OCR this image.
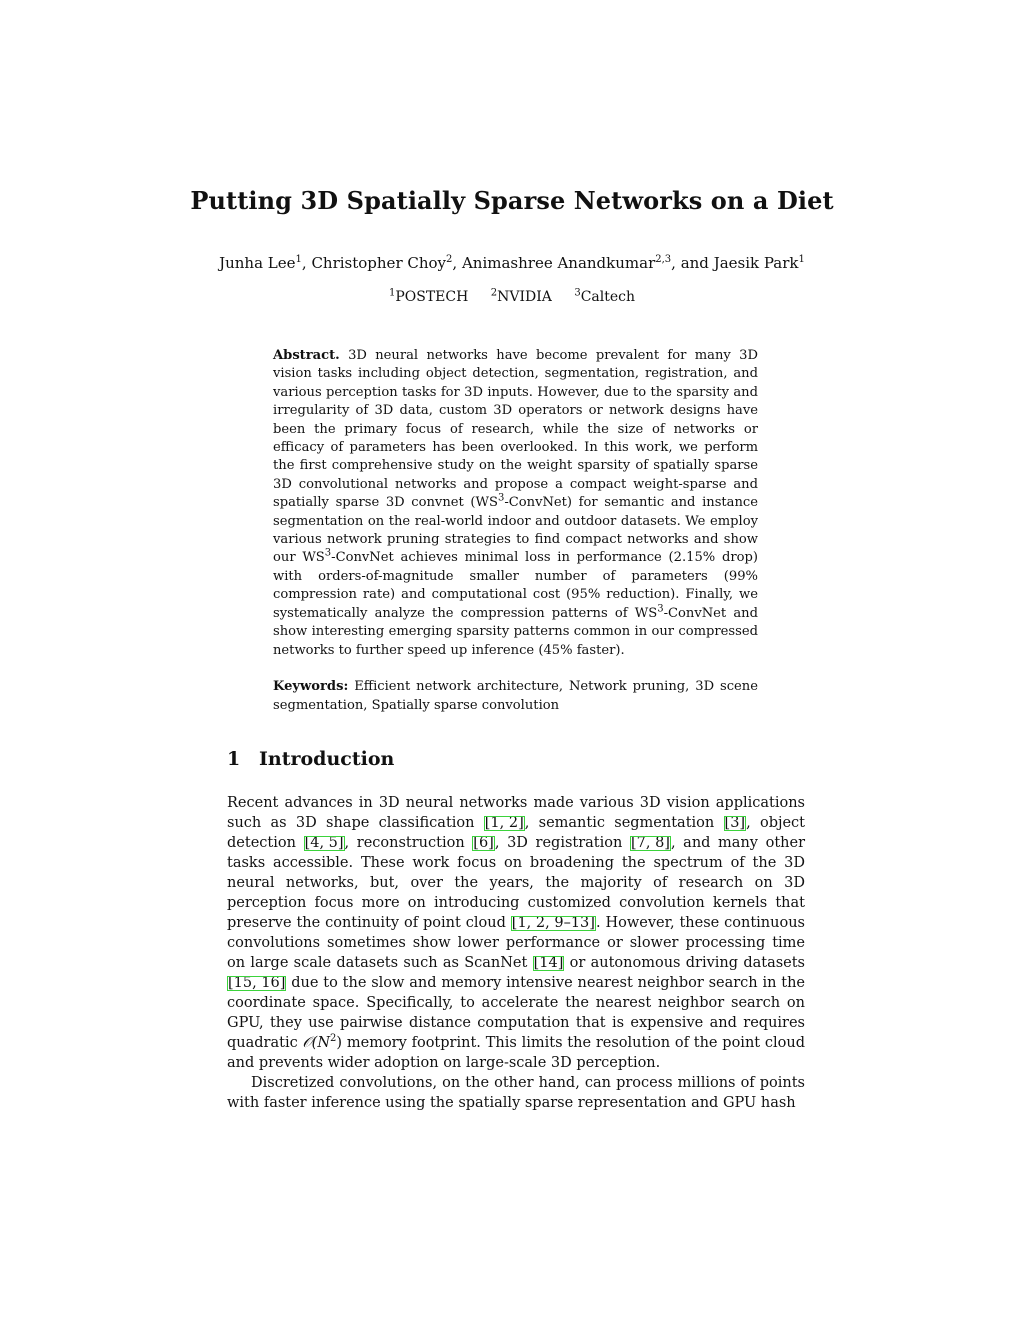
Putting 3D Spatially Sparse Networks on a Diet
Junha Lee$^1$, Christopher Choy$^2$, Animashree Anandkumar$^{2,3}$, and Jaesik Park$^1$
$^1$POSTECH $^2$NVIDIA $^3$Caltech
Abstract. 3D neural networks have become prevalent for many 3D vision tasks including object detection, segmentation, registration, and various perception tasks for 3D inputs. However, due to the sparsity and irregularity of 3D data, custom 3D operators or network designs have been the primary focus of research, while the size of networks or efficacy of parameters has been overlooked. In this work, we perform the first comprehensive study on the weight sparsity of spatially sparse 3D convolutional networks and propose a compact weight-sparse and spatially sparse 3D convnet $(WS^3-ConvNet)$ for semantic and instance segmentation on the real-world indoor and outdoor datasets. We employ various network pruning strategies to find compact networks and show our $WS^3$-ConvNet achieves minimal loss in performance (2.15% drop) with orders-of-magnitude smaller number of parameters (99% compression rate) and computational cost (95% reduction). Finally, we systematically analyze the compression patterns of $WS^3$-ConvNet and show interesting emerging sparsity patterns common in our compressed networks to further speed up inference (45% faster).
Keywords: Efficient network architecture, Network pruning, 3D scene segmentation, Spatially sparse convolution
1 Introduction

Recent advances in 3D neural networks made various 3D vision applications such as 3D shape classification [1, 2], semantic segmentation [3], object detection [4, 5], reconstruction [6], 3D registration [7, 8], and many other tasks accessible. These work focus on broadening the spectrum of the 3D neural networks, but, over the years, the majority of research on 3D perception focus more on introducing customized convolution kernels that preserve the continuity of point cloud [1, 2, 9–13]. However, these continuous convolutions sometimes show lower performance or slower processing time on large scale datasets such as ScanNet [14] or autonomous driving datasets [15, 16] due to the slow and memory intensive nearest neighbor search in the coordinate space. Specifically, to accelerate the nearest neighbor search on GPU, they use pairwise distance computation that is expensive and requires quadratic $𝒪(N^2)$ memory footprint. This limits the resolution of the point cloud and prevents wider adoption on large-scale 3D perception.

Discretized convolutions, on the other hand, can process millions of points with faster inference using the spatially sparse representation and GPU hash
